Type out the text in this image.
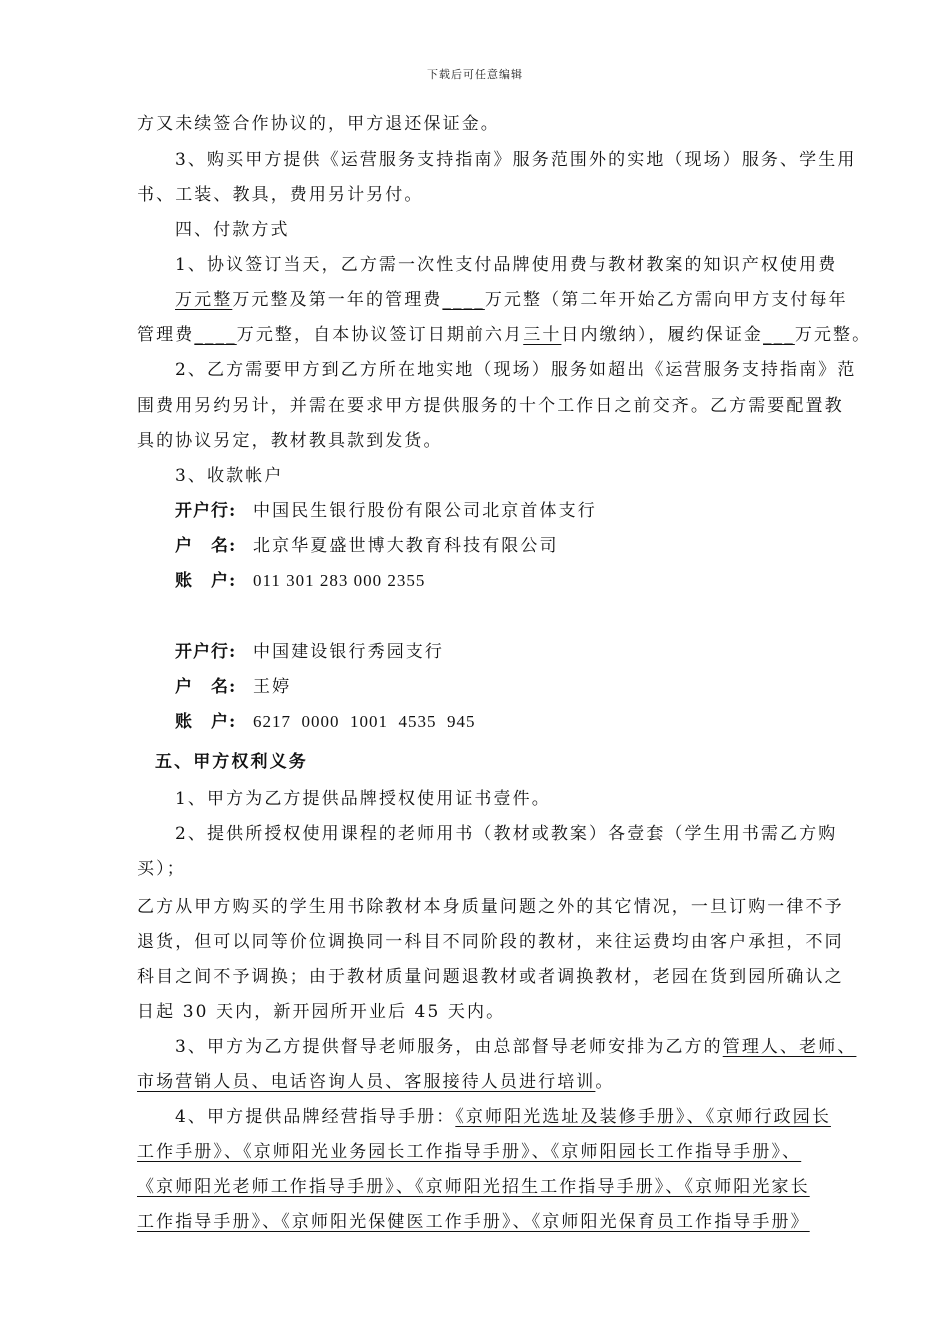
下载后可任意编辑
方又未续签合作协议的，甲方退还保证金。
3、购买甲方提供《运营服务支持指南》服务范围外的实地（现场）服务、学生用
书、工装、教具，费用另计另付。
四、付款方式
1、协议签订当天，乙方需一次性支付品牌使用费与教材教案的知识产权使用费
万元整万元整及第一年的管理费____万元整（第二年开始乙方需向甲方支付每年
管理费____万元整，自本协议签订日期前六月三十日内缴纳），履约保证金___万元整。
2、乙方需要甲方到乙方所在地实地（现场）服务如超出《运营服务支持指南》范
围费用另约另计，并需在要求甲方提供服务的十个工作日之前交齐。乙方需要配置教
具的协议另定，教材教具款到发货。
3、收款帐户
开户行: 中国民生银行股份有限公司北京首体支行
户　名: 北京华夏盛世博大教育科技有限公司
账　户: 011 301 283 000 2355
开户行: 中国建设银行秀园支行
户　名: 王婷
账　户: 6217  0000  1001  4535  945
五、甲方权利义务
1、甲方为乙方提供品牌授权使用证书壹件。
2、提供所授权使用课程的老师用书（教材或教案）各壹套（学生用书需乙方购
买）；
乙方从甲方购买的学生用书除教材本身质量问题之外的其它情况，一旦订购一律不予
退货，但可以同等价位调换同一科目不同阶段的教材，来往运费均由客户承担，不同
科目之间不予调换；由于教材质量问题退教材或者调换教材，老园在货到园所确认之
日起 30 天内，新开园所开业后 45 天内。
3、甲方为乙方提供督导老师服务，由总部督导老师安排为乙方的管理人、老师、
市场营销人员、电话咨询人员、客服接待人员进行培训。
4、甲方提供品牌经营指导手册：《京师阳光选址及装修手册》、《京师行政园长
工作手册》、《京师阳光业务园长工作指导手册》、《京师阳园长工作指导手册》、
《京师阳光老师工作指导手册》、《京师阳光招生工作指导手册》、《京师阳光家长
工作指导手册》、《京师阳光保健医工作手册》、《京师阳光保育员工作指导手册》
